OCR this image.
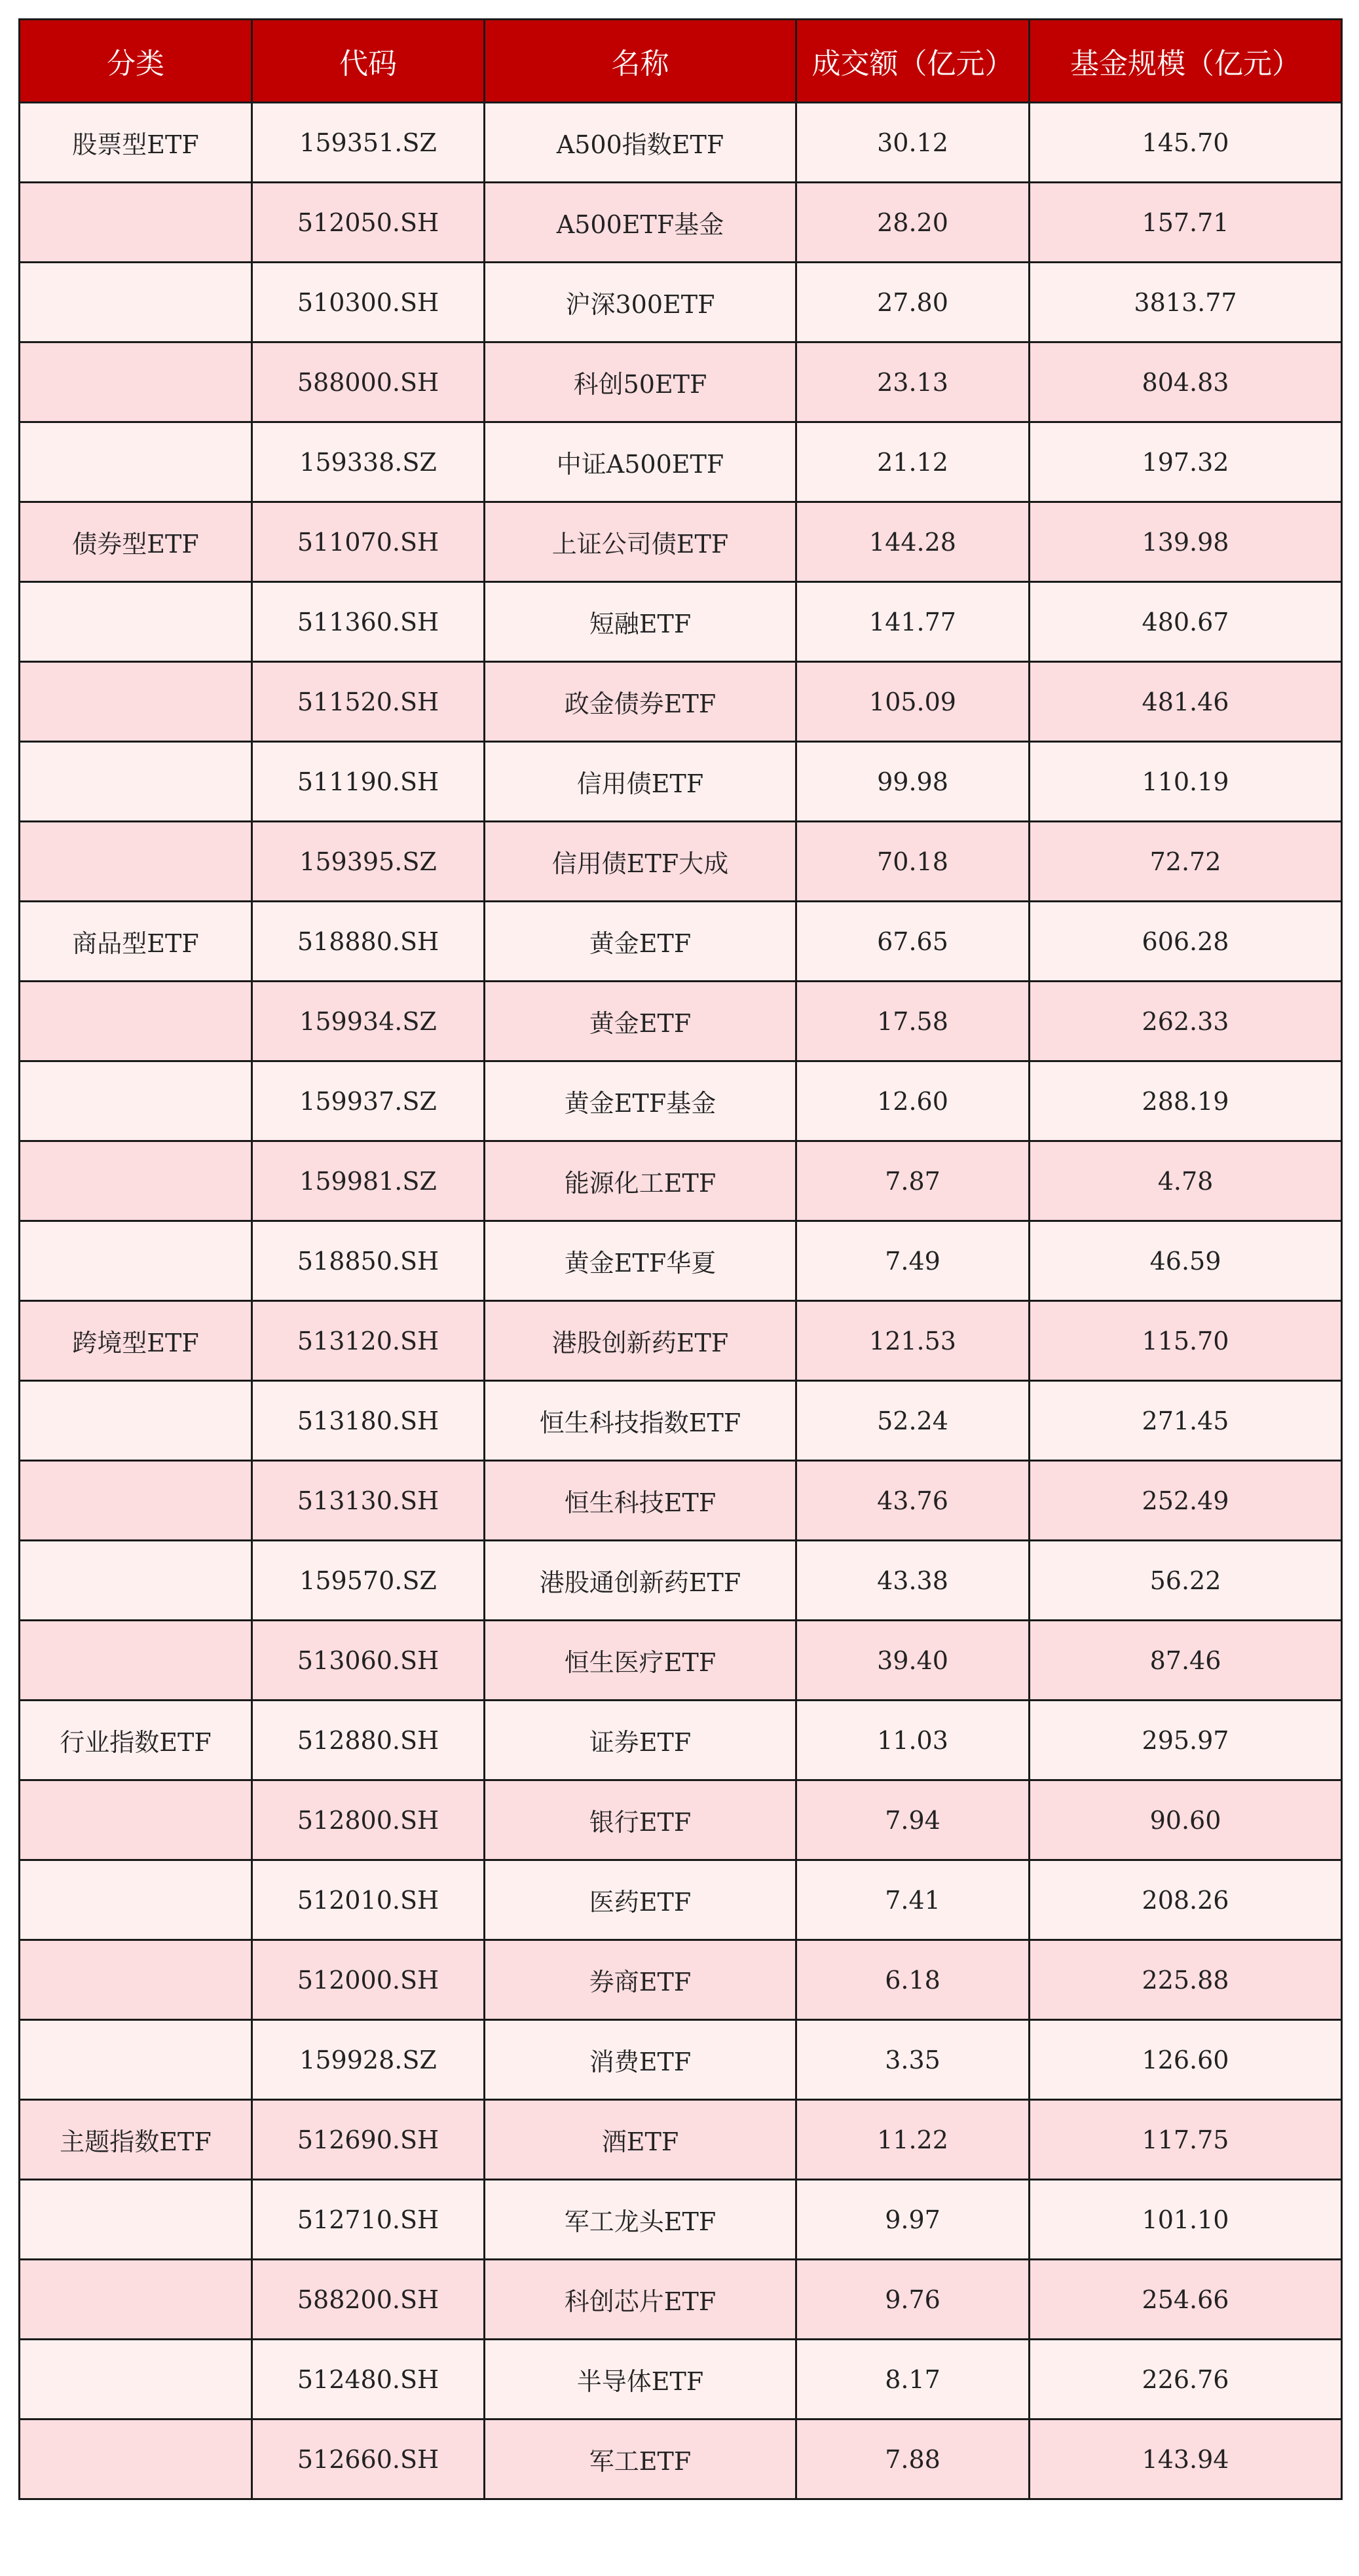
分类	代码	名称	成交额（亿元）	基金规模（亿元）
股票型ETF	159351.SZ	A500指数ETF	30.12	145.70
	512050.SH	A500ETF基金	28.20	157.71
	510300.SH	沪深300ETF	27.80	3813.77
	588000.SH	科创50ETF	23.13	804.83
	159338.SZ	中证A500ETF	21.12	197.32
债券型ETF	511070.SH	上证公司债ETF	144.28	139.98
	511360.SH	短融ETF	141.77	480.67
	511520.SH	政金债券ETF	105.09	481.46
	511190.SH	信用债ETF	99.98	110.19
	159395.SZ	信用债ETF大成	70.18	72.72
商品型ETF	518880.SH	黄金ETF	67.65	606.28
	159934.SZ	黄金ETF	17.58	262.33
	159937.SZ	黄金ETF基金	12.60	288.19
	159981.SZ	能源化工ETF	7.87	4.78
	518850.SH	黄金ETF华夏	7.49	46.59
跨境型ETF	513120.SH	港股创新药ETF	121.53	115.70
	513180.SH	恒生科技指数ETF	52.24	271.45
	513130.SH	恒生科技ETF	43.76	252.49
	159570.SZ	港股通创新药ETF	43.38	56.22
	513060.SH	恒生医疗ETF	39.40	87.46
行业指数ETF	512880.SH	证券ETF	11.03	295.97
	512800.SH	银行ETF	7.94	90.60
	512010.SH	医药ETF	7.41	208.26
	512000.SH	券商ETF	6.18	225.88
	159928.SZ	消费ETF	3.35	126.60
主题指数ETF	512690.SH	酒ETF	11.22	117.75
	512710.SH	军工龙头ETF	9.97	101.10
	588200.SH	科创芯片ETF	9.76	254.66
	512480.SH	半导体ETF	8.17	226.76
	512660.SH	军工ETF	7.88	143.94
